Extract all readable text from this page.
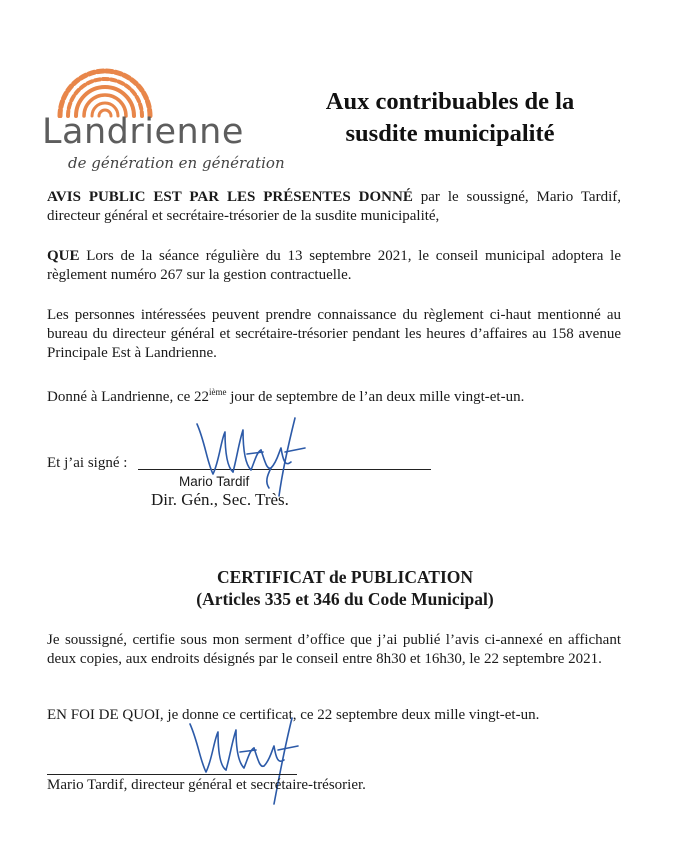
Landrienne
de génération en génération
Aux contribuables de la
susdite municipalité
AVIS PUBLIC EST PAR LES PRÉSENTES DONNÉ par le soussigné, Mario Tardif, directeur général et secrétaire-trésorier de la susdite municipalité,
QUE Lors de la séance régulière du 13 septembre 2021, le conseil municipal adoptera le règlement numéro 267 sur la gestion contractuelle.
Les personnes intéressées peuvent prendre connaissance du règlement ci-haut mentionné au bureau du directeur général et secrétaire-trésorier pendant les heures d’affaires au 158 avenue Principale Est à Landrienne.
Donné à Landrienne, ce 22ième jour de septembre de l’an deux mille vingt-et-un.
Et j’ai signé :
Mario Tardif
Dir. Gén., Sec. Très.
CERTIFICAT de PUBLICATION
(Articles 335 et 346 du Code Municipal)
Je soussigné, certifie sous mon serment d’office que j’ai publié l’avis ci-annexé en affichant deux copies, aux endroits désignés par le conseil entre 8h30 et 16h30, le 22 septembre 2021.
EN FOI DE QUOI, je donne ce certificat, ce 22 septembre deux mille vingt-et-un.
Mario Tardif, directeur général et secrétaire-trésorier.
